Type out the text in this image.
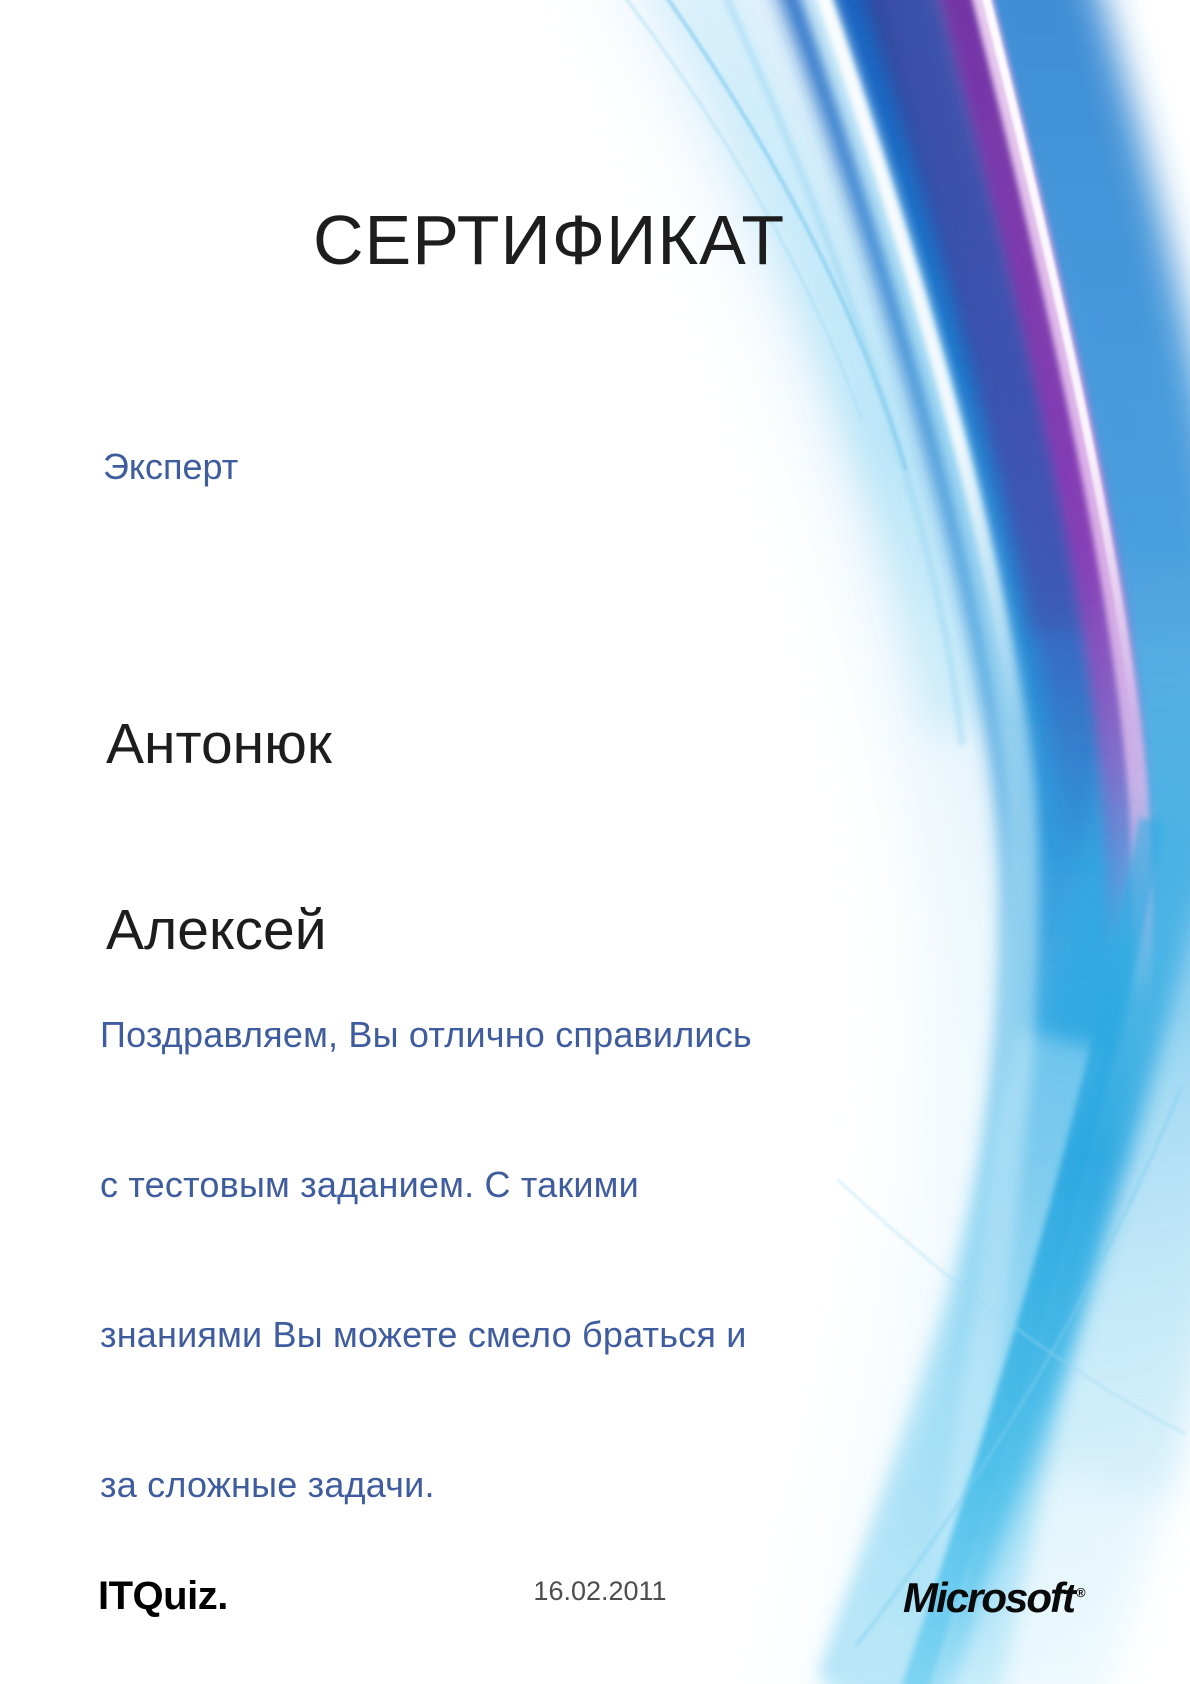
СЕРТИФИКАТ
Эксперт

Антонюк

Алексей

Поздравляем, Вы отлично справились

с тестовым заданием. С такими

знаниями Вы можете смело браться и

за сложные задачи.

ITQuiz.	16.02.2011	Microsoft ®
